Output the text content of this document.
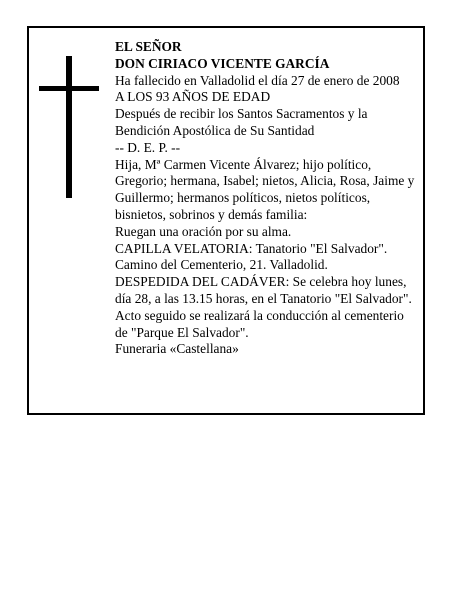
EL SEÑOR
DON CIRIACO VICENTE GARCÍA
Ha fallecido en Valladolid el día 27 de enero de 2008
A LOS 93 AÑOS DE EDAD
Después de recibir los Santos Sacramentos y la
Bendición Apostólica de Su Santidad
-- D. E. P. --
Hija, Mª Carmen Vicente Álvarez; hijo político,
Gregorio; hermana, Isabel; nietos, Alicia, Rosa, Jaime y
Guillermo; hermanos políticos, nietos políticos,
bisnietos, sobrinos y demás familia:
Ruegan una oración por su alma.
CAPILLA VELATORIA: Tanatorio "El Salvador".
Camino del Cementerio, 21. Valladolid.
DESPEDIDA DEL CADÁVER: Se celebra hoy lunes,
día 28, a las 13.15 horas, en el Tanatorio "El Salvador".
Acto seguido se realizará la conducción al cementerio
de "Parque El Salvador".
Funeraria «Castellana»
